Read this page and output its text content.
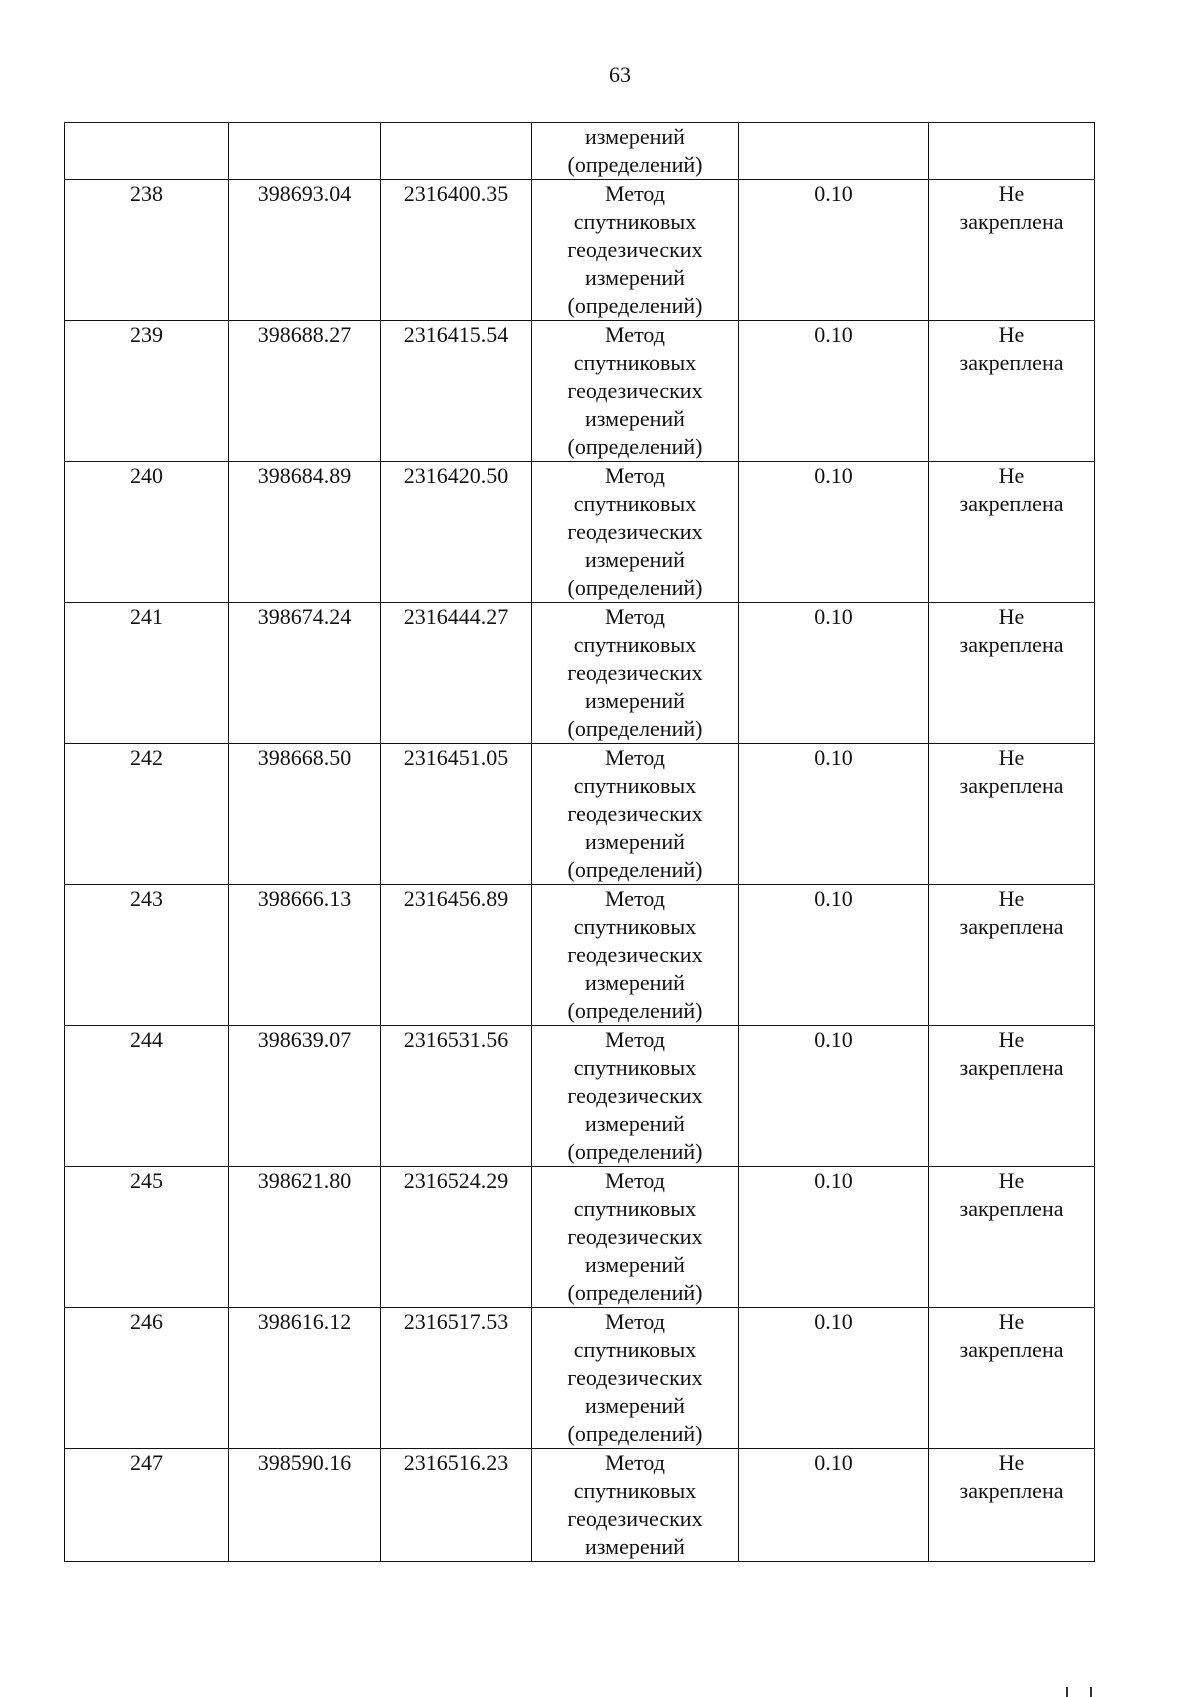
63

			измерений
(определений)		

238	398693.04	2316400.35	Метод
спутниковых
геодезических
измерений
(определений)	0.10	Не
закреплена

239	398688.27	2316415.54	Метод
спутниковых
геодезических
измерений
(определений)	0.10	Не
закреплена

240	398684.89	2316420.50	Метод
спутниковых
геодезических
измерений
(определений)	0.10	Не
закреплена

241	398674.24	2316444.27	Метод
спутниковых
геодезических
измерений
(определений)	0.10	Не
закреплена

242	398668.50	2316451.05	Метод
спутниковых
геодезических
измерений
(определений)	0.10	Не
закреплена

243	398666.13	2316456.89	Метод
спутниковых
геодезических
измерений
(определений)	0.10	Не
закреплена

244	398639.07	2316531.56	Метод
спутниковых
геодезических
измерений
(определений)	0.10	Не
закреплена

245	398621.80	2316524.29	Метод
спутниковых
геодезических
измерений
(определений)	0.10	Не
закреплена

246	398616.12	2316517.53	Метод
спутниковых
геодезических
измерений
(определений)	0.10	Не
закреплена

247	398590.16	2316516.23	Метод
спутниковых
геодезических
измерений	0.10	Не
закреплена
